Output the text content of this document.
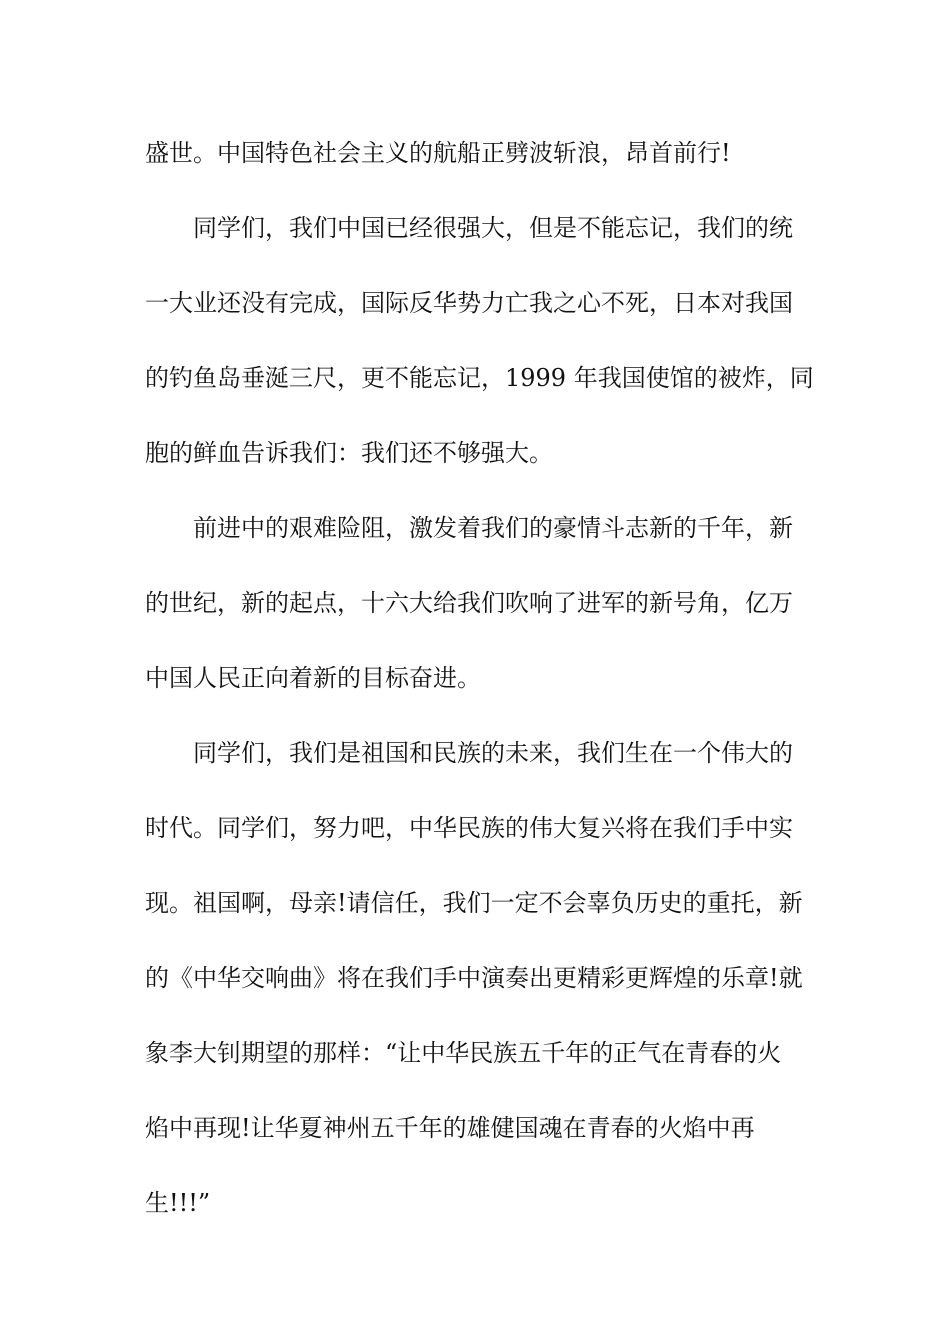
盛世。中国特色社会主义的航船正劈波斩浪，昂首前行!
同学们，我们中国已经很强大，但是不能忘记，我们的统
一大业还没有完成，国际反华势力亡我之心不死，日本对我国
的钓鱼岛垂涎三尺，更不能忘记，1999 年我国使馆的被炸，同
胞的鲜血告诉我们：我们还不够强大。
前进中的艰难险阻，激发着我们的豪情斗志新的千年，新
的世纪，新的起点，十六大给我们吹响了进军的新号角，亿万
中国人民正向着新的目标奋进。
同学们，我们是祖国和民族的未来，我们生在一个伟大的
时代。同学们，努力吧，中华民族的伟大复兴将在我们手中实
现。祖国啊，母亲!请信任，我们一定不会辜负历史的重托，新
的《中华交响曲》将在我们手中演奏出更精彩更辉煌的乐章!就
象李大钊期望的那样：“让中华民族五千年的正气在青春的火
焰中再现!让华夏神州五千年的雄健国魂在青春的火焰中再
生!!!”
